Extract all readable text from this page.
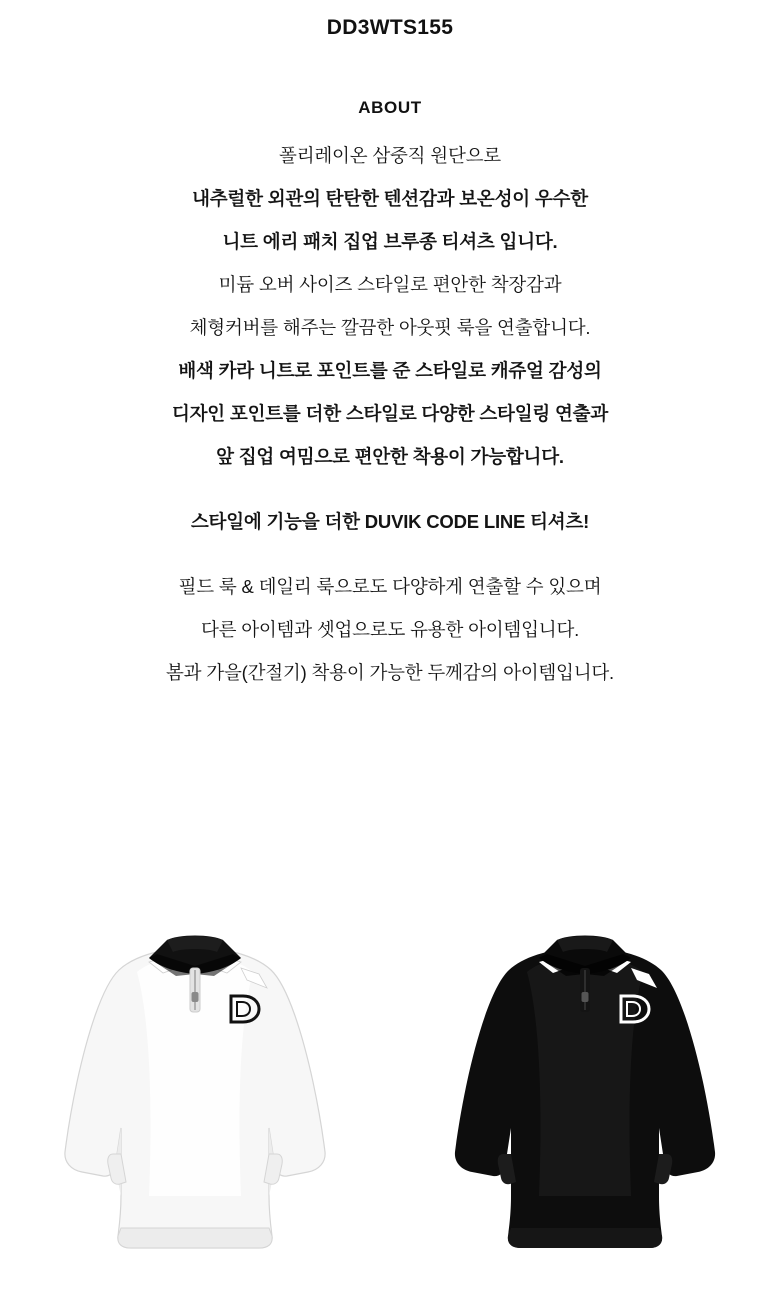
DD3WTS155
ABOUT
폴리레이온 삼중직 원단으로
내추럴한 외관의 탄탄한 텐션감과 보온성이 우수한
니트 에리 패치 집업 브루종 티셔츠 입니다.
미듐 오버 사이즈 스타일로 편안한 착장감과
체형커버를 해주는 깔끔한 아웃핏 룩을 연출합니다.
배색 카라 니트로 포인트를 준 스타일로 캐쥬얼 감성의
디자인 포인트를 더한 스타일로 다양한 스타일링 연출과
앞 집업 여밈으로 편안한 착용이 가능합니다.
스타일에 기능을 더한 DUVIK CODE LINE 티셔츠!
필드 룩 & 데일리 룩으로도 다양하게 연출할 수 있으며
다른 아이템과 셋업으로도 유용한 아이템입니다.
봄과 가을(간절기) 착용이 가능한 두께감의 아이템입니다.
